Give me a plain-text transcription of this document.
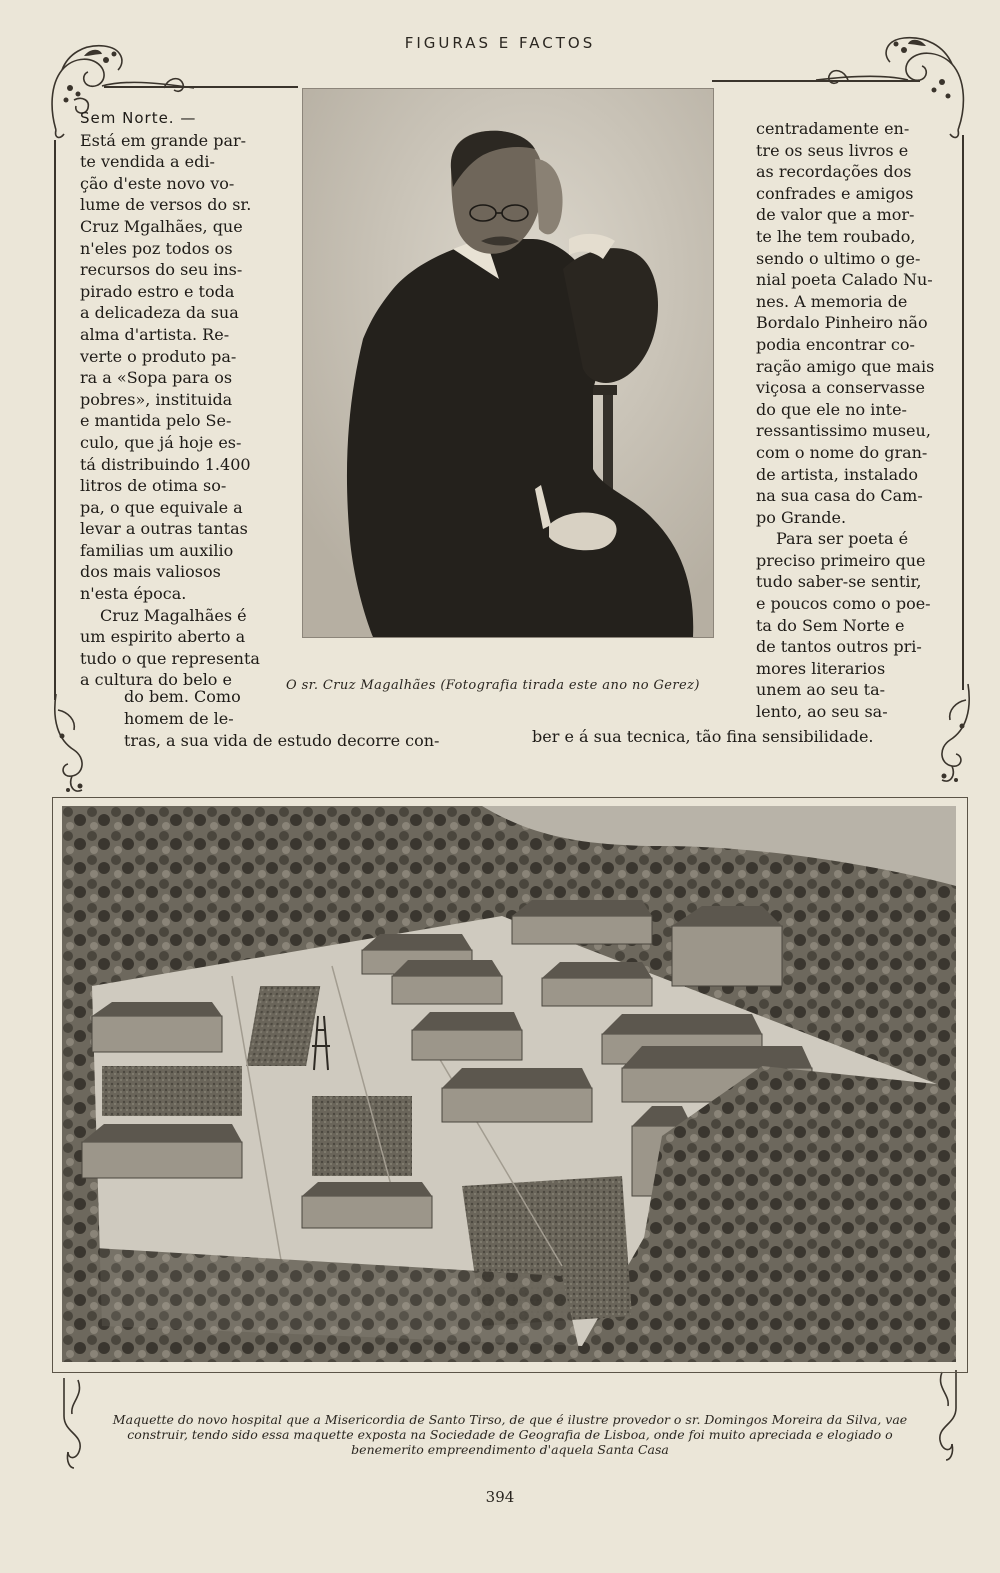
FIGURAS E FACTOS

Sem Norte. —

Está em grande par-

te vendida a edi-

ção d'este novo vo-

lume de versos do sr.

Cruz Mgalhães, que

n'eles poz todos os

recursos do seu ins-

pirado estro e toda

a delicadeza da sua

alma d'artista. Re-

verte o produto pa-

ra a «Sopa para os

pobres», instituida

e mantida pelo Se-

culo, que já hoje es-

tá distribuindo 1.400

litros de otima so-

pa, o que equivale a

levar a outras tantas

familias um auxilio

dos mais valiosos

n'esta época.

Cruz Magalhães é

um espirito aberto a

tudo o que representa

a cultura do belo e

do bem. Como
homem de le-
tras, a sua vida de estudo decorre con-
O sr. Cruz Magalhães (Fotografia tirada este ano no Gerez)

centradamente en-

tre os seus livros e

as recordações dos

confrades e amigos

de valor que a mor-

te lhe tem roubado,

sendo o ultimo o ge-

nial poeta Calado Nu-

nes. A memoria de

Bordalo Pinheiro não

podia encontrar co-

ração amigo que mais

viçosa a conservasse

do que ele no inte-

ressantissimo museu,

com o nome do gran-

de artista, instalado

na sua casa do Cam-

po Grande.

Para ser poeta é

preciso primeiro que

tudo saber-se sentir,

e poucos como o poe-

ta do Sem Norte e

de tantos outros pri-

mores literarios

unem ao seu ta-

lento, ao seu sa-

ber e á sua tecnica, tão fina sensibilidade.
Maquette do novo hospital que a Misericordia de Santo Tirso, de que é ilustre provedor o sr. Domingos Moreira da Silva, vae construir, tendo sido essa maquette exposta na Sociedade de Geografia de Lisboa, onde foi muito apreciada e elogiado o benemerito empreendimento d'aquela Santa Casa
394
